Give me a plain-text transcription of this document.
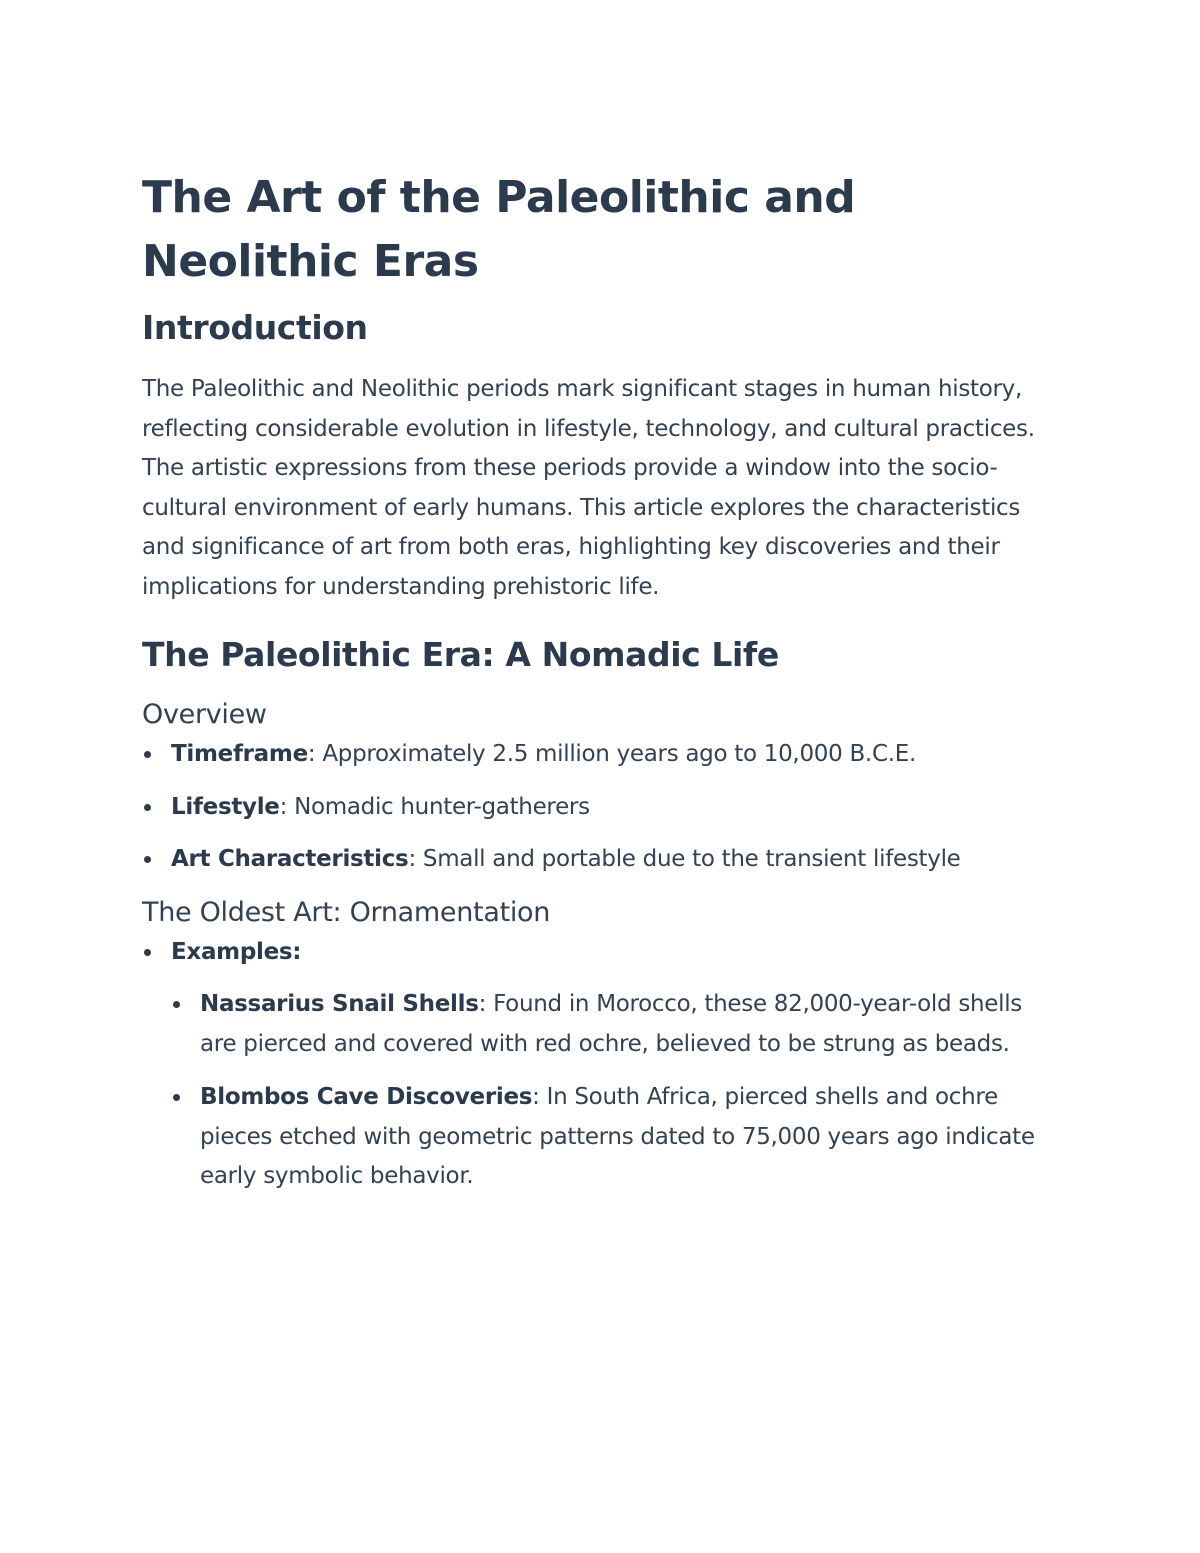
The Art of the Paleolithic and Neolithic Eras
Introduction

The Paleolithic and Neolithic periods mark significant stages in human history, reflecting considerable evolution in lifestyle, technology, and cultural practices. The artistic expressions from these periods provide a window into the socio-cultural environment of early humans. This article explores the characteristics and significance of art from both eras, highlighting key discoveries and their implications for understanding prehistoric life.

The Paleolithic Era: A Nomadic Life
Overview
Timeframe: Approximately 2.5 million years ago to 10,000 B.C.E.
Lifestyle: Nomadic hunter-gatherers
Art Characteristics: Small and portable due to the transient lifestyle
The Oldest Art: Ornamentation
Examples:
Nassarius Snail Shells: Found in Morocco, these 82,000-year-old shells are pierced and covered with red ochre, believed to be strung as beads.
Blombos Cave Discoveries: In South Africa, pierced shells and ochre pieces etched with geometric patterns dated to 75,000 years ago indicate early symbolic behavior.
